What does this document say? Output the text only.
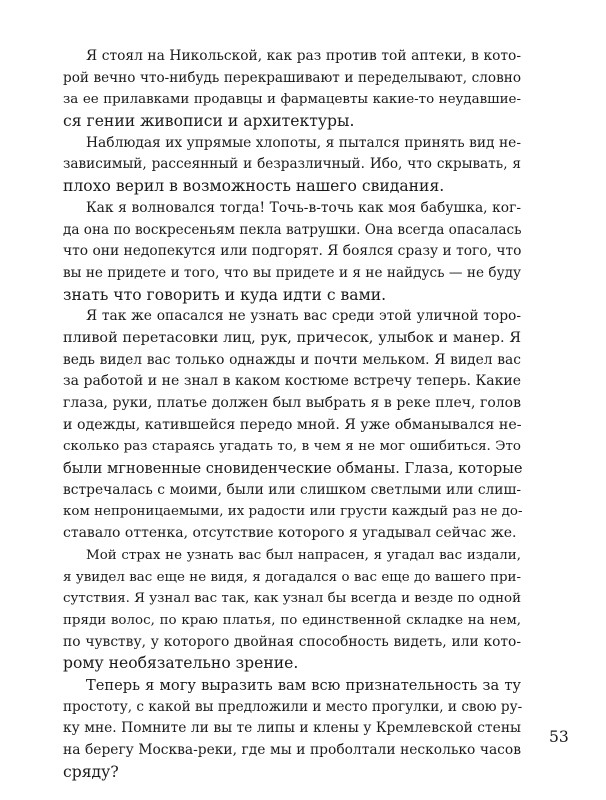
Я стоял на Никольской, как раз против той аптеки, в кото-
рой вечно что-нибудь перекрашивают и переделывают, словно
за ее прилавками продавцы и фармацевты какие-то неудавшие-
ся гении живописи и архитектуры.
Наблюдая их упрямые хлопоты, я пытался принять вид не-
зависимый, рассеянный и безразличный. Ибо, что скрывать, я
плохо верил в возможность нашего свидания.
Как я волновался тогда! Точь-в-точь как моя бабушка, ког-
да она по воскресеньям пекла ватрушки. Она всегда опасалась
что они недопекутся или подгорят. Я боялся сразу и того, что
вы не придете и того, что вы придете и я не найдусь — не буду
знать что говорить и куда идти с вами.
Я так же опасался не узнать вас среди этой уличной торо-
пливой перетасовки лиц, рук, причесок, улыбок и манер. Я
ведь видел вас только однажды и почти мельком. Я видел вас
за работой и не знал в каком костюме встречу теперь. Какие
глаза, руки, платье должен был выбрать я в реке плеч, голов
и одежды, катившейся передо мной. Я уже обманывался не-
сколько раз стараясь угадать то, в чем я не мог ошибиться. Это
были мгновенные сновиденческие обманы. Глаза, которые
встречалась с моими, были или слишком светлыми или слиш-
ком непроницаемыми, их радости или грусти каждый раз не до-
ставало оттенка, отсутствие которого я угадывал сейчас же.
Мой страх не узнать вас был напрасен, я угадал вас издали,
я увидел вас еще не видя, я догадался о вас еще до вашего при-
сутствия. Я узнал вас так, как узнал бы всегда и везде по одной
пряди волос, по краю платья, по единственной складке на нем,
по чувству, у которого двойная способность видеть, или кото-
рому необязательно зрение.
Теперь я могу выразить вам всю признательность за ту
простоту, с какой вы предложили и место прогулки, и свою ру-
ку мне. Помните ли вы те липы и клены у Кремлевской стены
на берегу Москва-реки, где мы и проболтали несколько часов
сряду?
53
